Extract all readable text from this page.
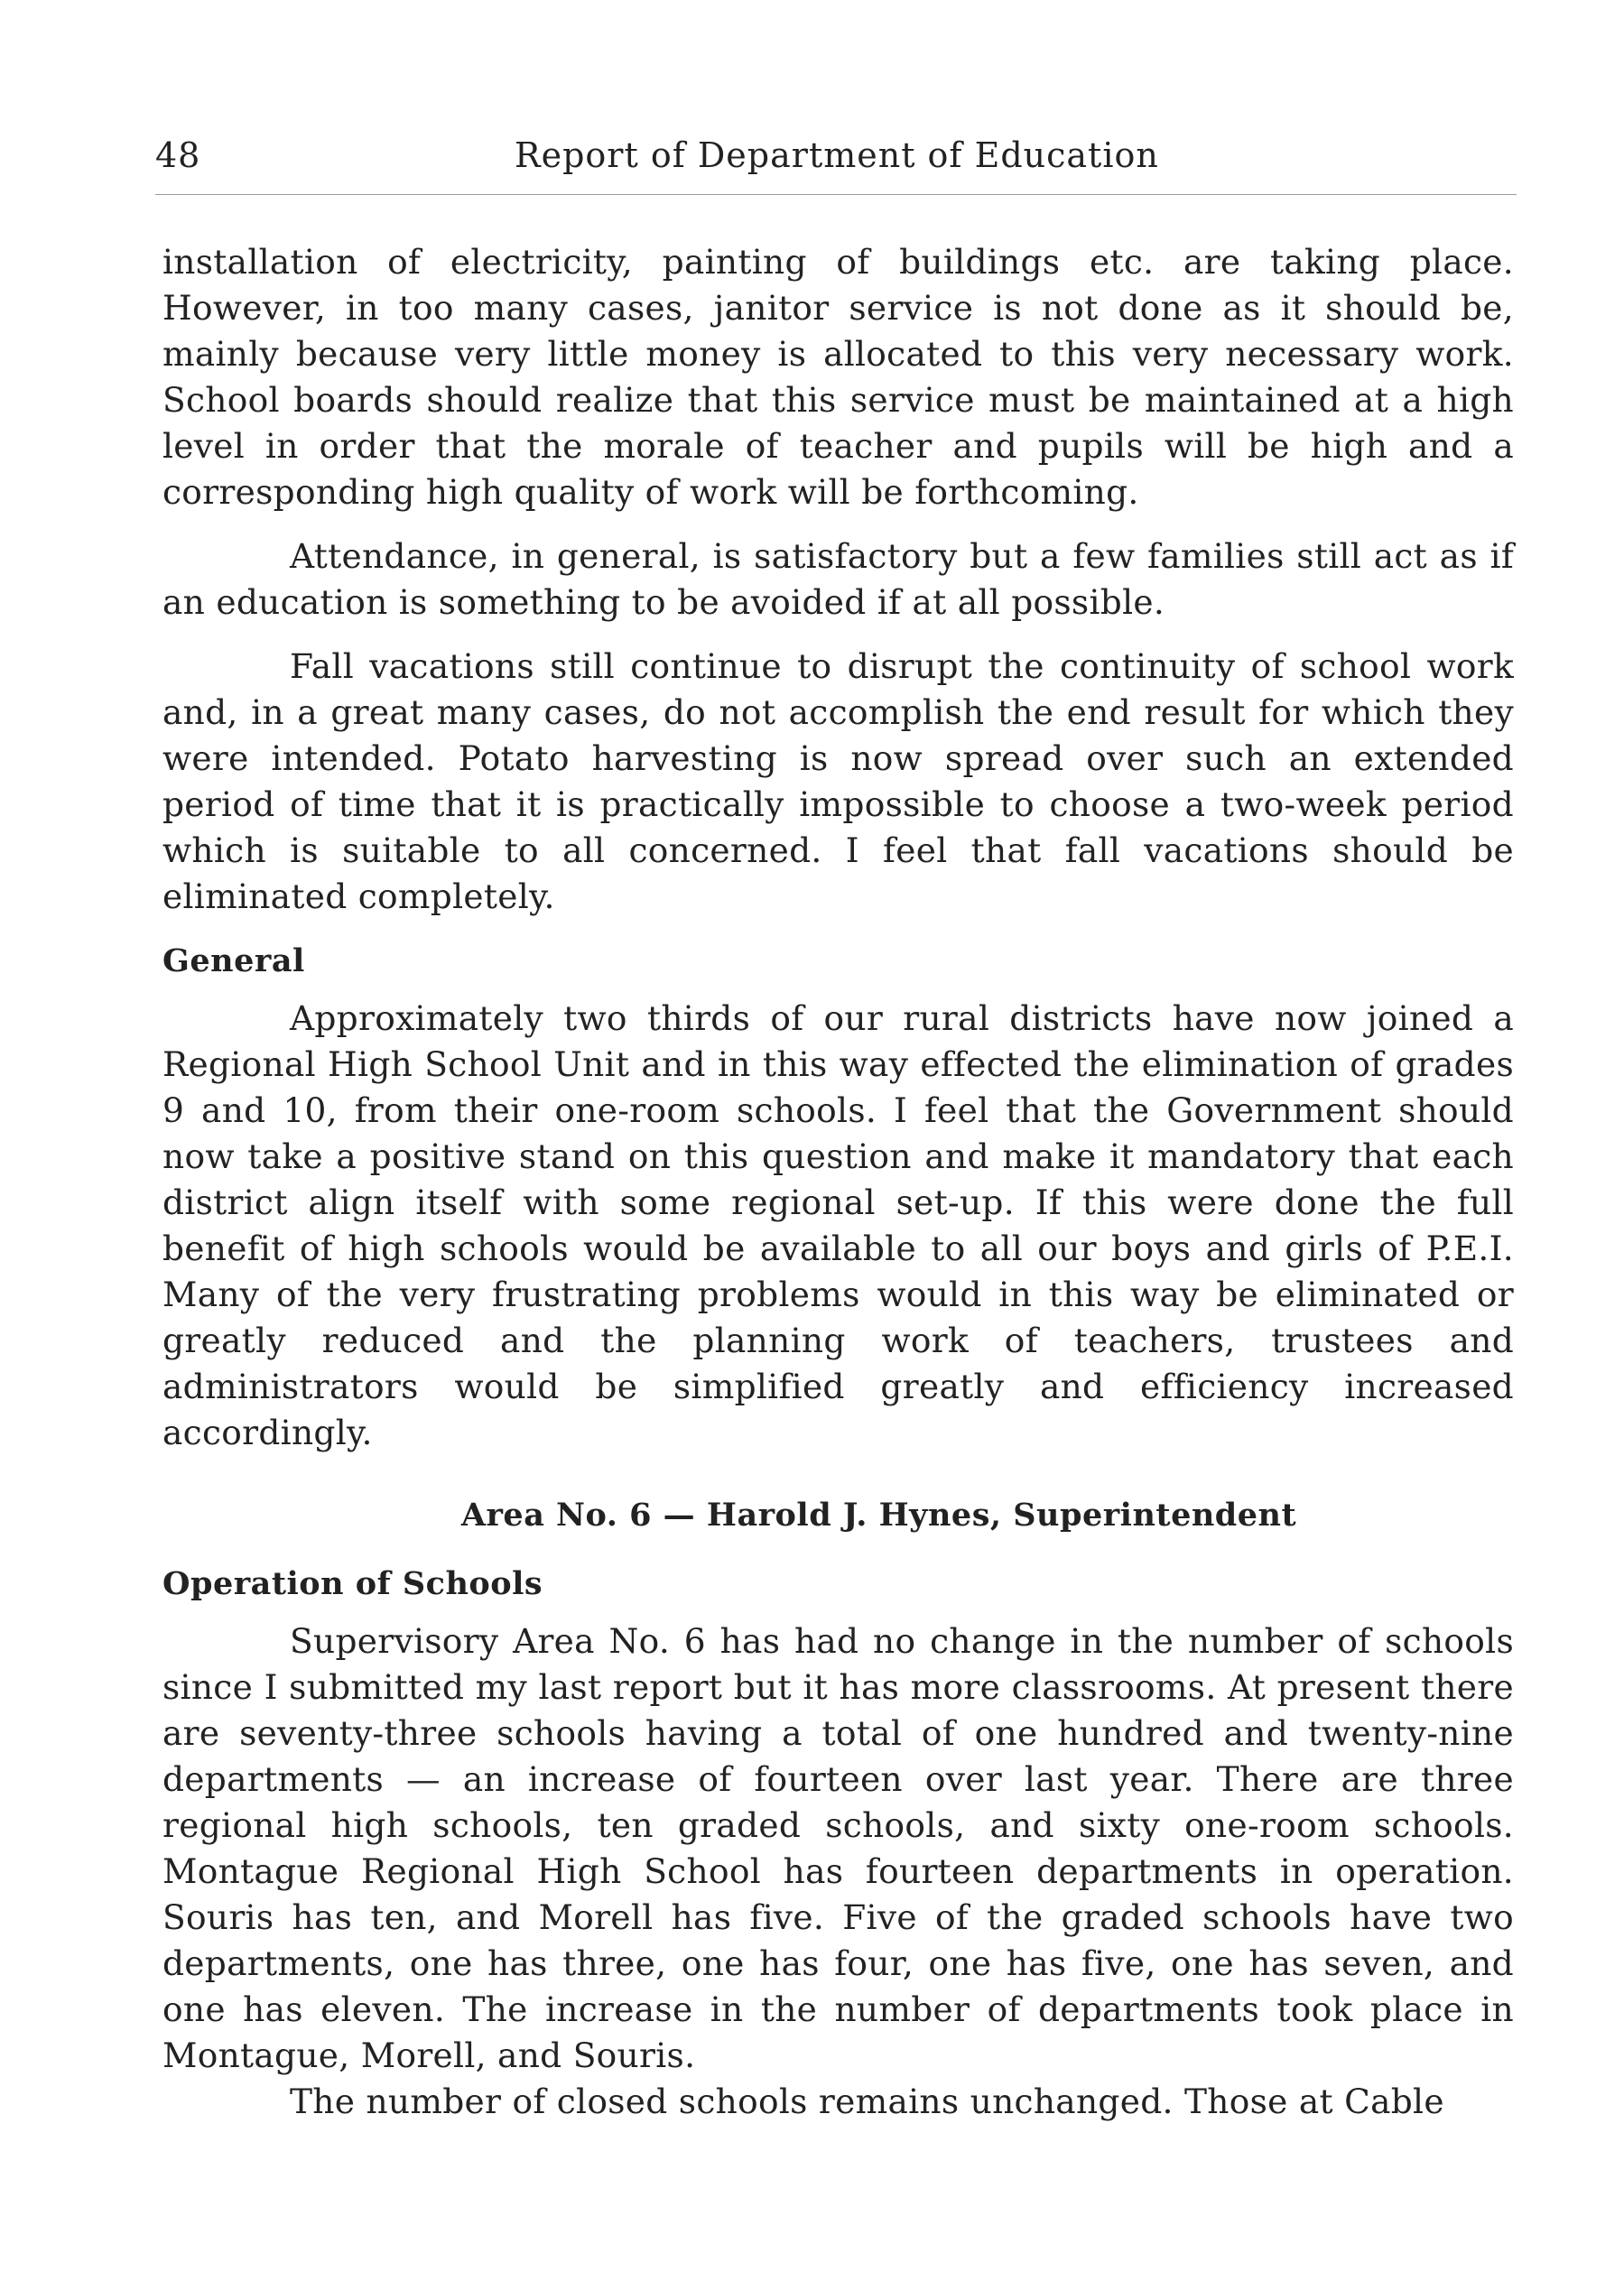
48	Report of Department of Education

installation of electricity, painting of buildings etc. are taking place. However, in too many cases, janitor service is not done as it should be, mainly because very little money is allocated to this very necessary work. School boards should realize that this service must be maintained at a high level in order that the morale of teacher and pupils will be high and a corresponding high quality of work will be forthcoming.

Attendance, in general, is satisfactory but a few families still act as if an education is something to be avoided if at all possible.

Fall vacations still continue to disrupt the continuity of school work and, in a great many cases, do not accomplish the end result for which they were intended. Potato harvesting is now spread over such an extended period of time that it is practically impossible to choose a two-week period which is suitable to all concerned. I feel that fall vacations should be eliminated completely.

General

Approximately two thirds of our rural districts have now joined a Regional High School Unit and in this way effected the elimination of grades 9 and 10, from their one-room schools. I feel that the Government should now take a positive stand on this question and make it mandatory that each district align itself with some regional set-up. If this were done the full benefit of high schools would be available to all our boys and girls of P.E.I. Many of the very frustrating problems would in this way be eliminated or greatly reduced and the planning work of teachers, trustees and administrators would be simplified greatly and efficiency increased accordingly.

Area No. 6 — Harold J. Hynes, Superintendent
Operation of Schools

Supervisory Area No. 6 has had no change in the number of schools since I submitted my last report but it has more classrooms. At present there are seventy-three schools having a total of one hundred and twenty-nine departments — an increase of fourteen over last year. There are three regional high schools, ten graded schools, and sixty one-room schools. Montague Regional High School has fourteen departments in operation. Souris has ten, and Morell has five. Five of the graded schools have two departments, one has three, one has four, one has five, one has seven, and one has eleven. The increase in the number of departments took place in Montague, Morell, and Souris.

The number of closed schools remains unchanged. Those at Cable
